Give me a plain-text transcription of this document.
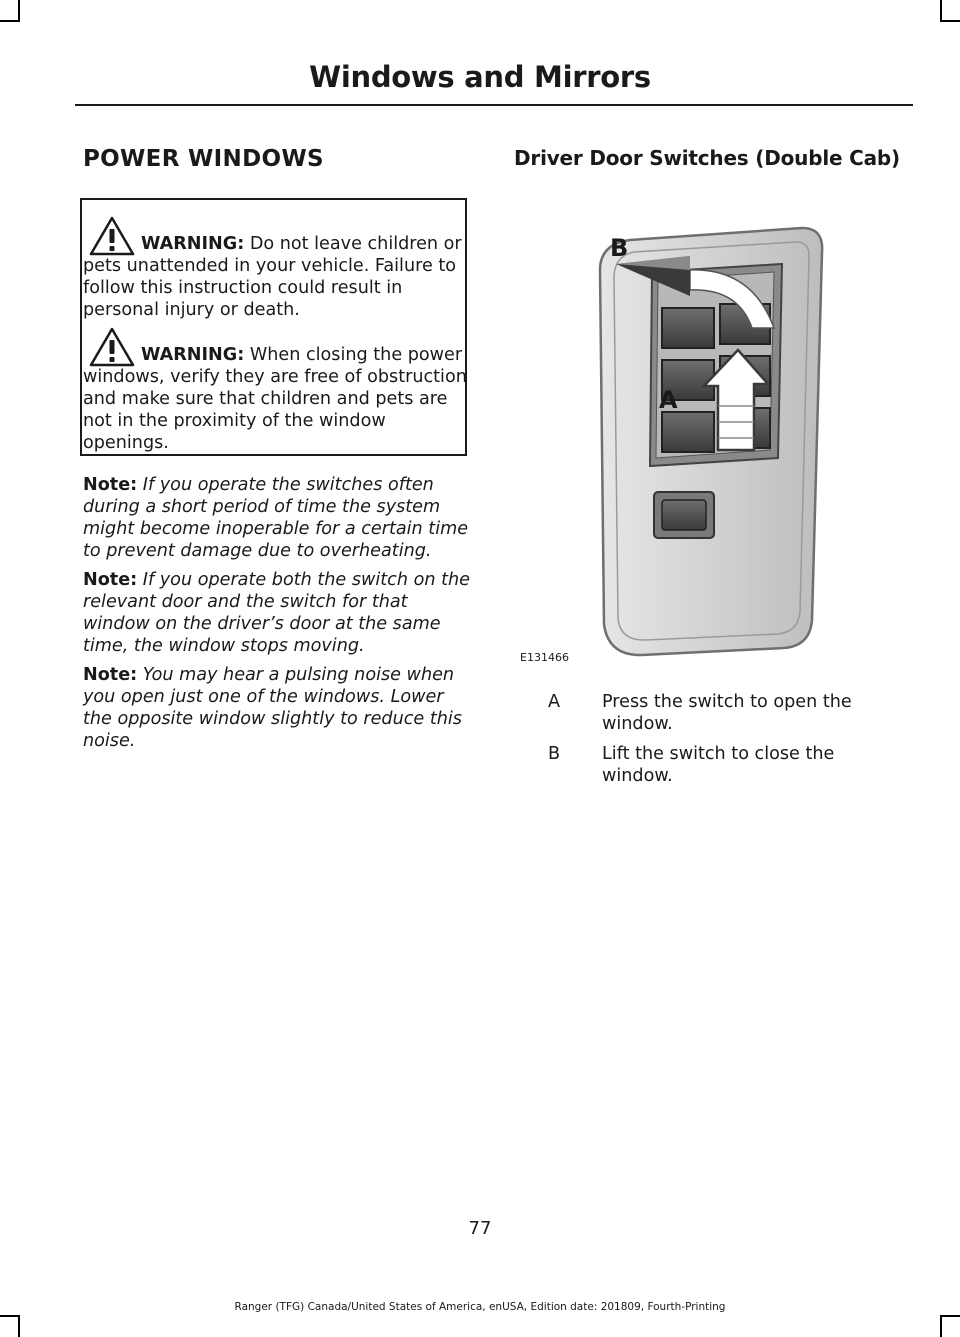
Windows and Mirrors
POWER WINDOWS
WARNING: Do not leave children or pets unattended in your vehicle. Failure to follow this instruction could result in personal injury or death.
WARNING: When closing the power windows, verify they are free of obstruction and make sure that children and pets are not in the proximity of the window openings.
Note: If you operate the switches often during a short period of time the system might become inoperable for a certain time to prevent damage due to overheating.
Note: If you operate both the switch on the relevant door and the switch for that window on the driver’s door at the same time, the window stops moving.
Note: You may hear a pulsing noise when you open just one of the windows. Lower the opposite window slightly to reduce this noise.
Driver Door Switches (Double Cab)
B
A
E131466
A Press the switch to open the window.
B Lift the switch to close the window.
77
Ranger (TFG) Canada/United States of America, enUSA, Edition date: 201809, Fourth-Printing
